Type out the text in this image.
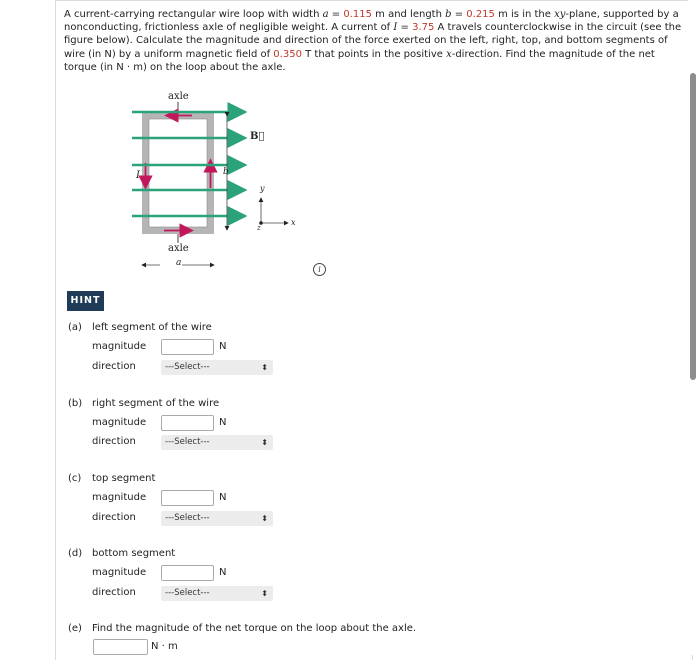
A current-carrying rectangular wire loop with width a = 0.115 m and length b = 0.215 m is in the xy-plane, supported by a nonconducting, frictionless axle of negligible weight. A current of I = 3.75 A travels counterclockwise in the circuit (see the figure below). Calculate the magnitude and direction of the force exerted on the left, right, top, and bottom segments of wire (in N) by a uniform magnetic field of 0.350 T that points in the positive x-direction. Find the magnitude of the net torque (in N · m) on the loop about the axle.
axle
axle
I	b
B⃗
a
y
x
z
i
HINT
(a) left segment of the wire
magnitude	N
direction	---Select---	⬍
(b) right segment of the wire
magnitude	N
direction	---Select---	⬍
(c) top segment
magnitude	N
direction	---Select---	⬍
(d) bottom segment
magnitude	N
direction	---Select---	⬍
(e) Find the magnitude of the net torque on the loop about the axle.
N · m
